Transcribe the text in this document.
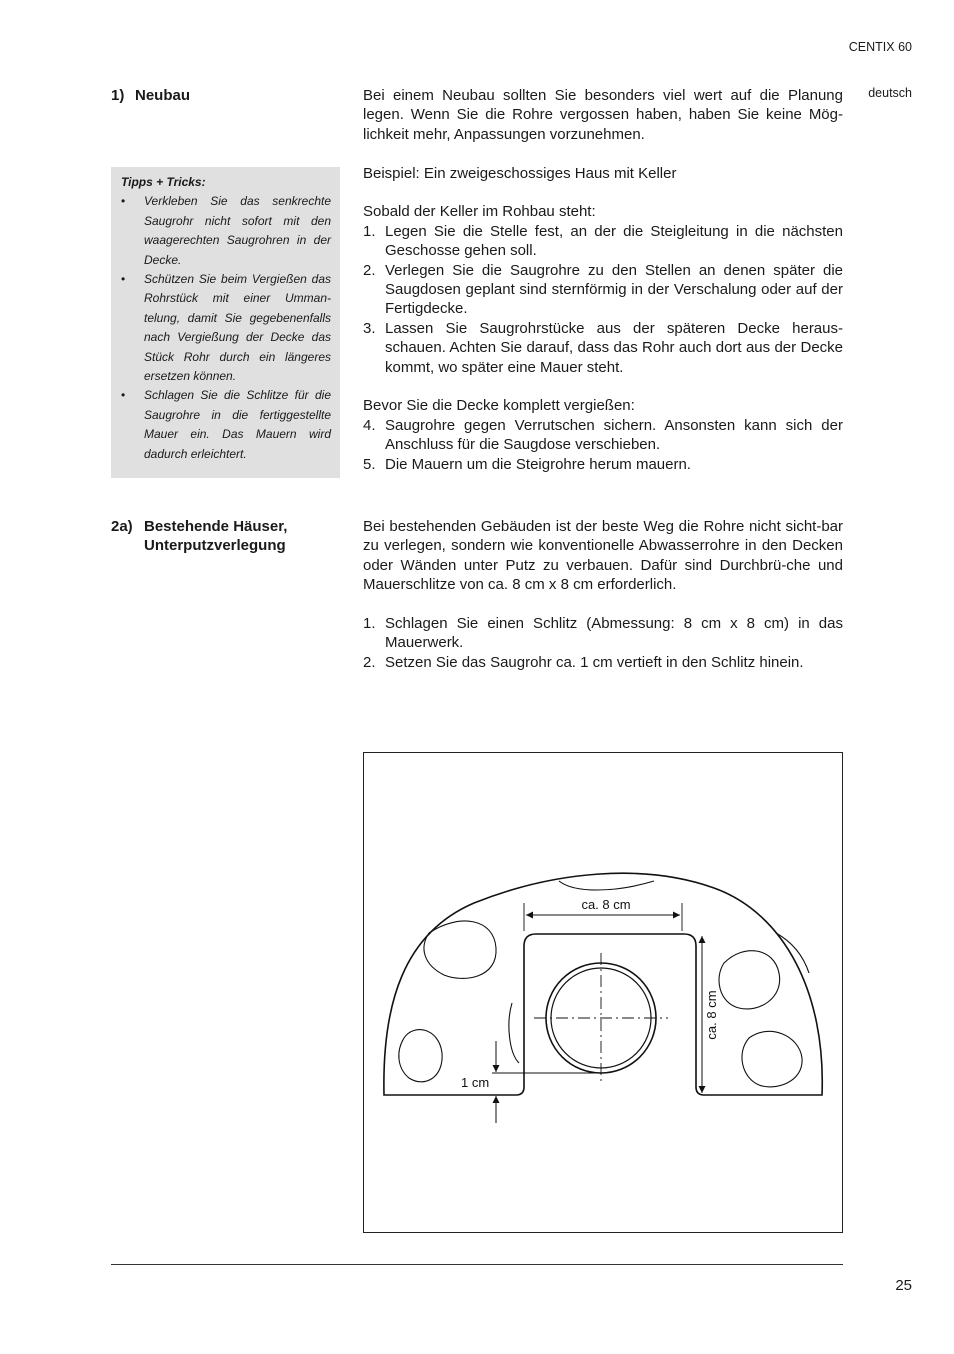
CENTIX 60
deutsch
1) Neubau	Bei einem Neubau sollten Sie besonders viel wert auf die Planung legen. Wenn Sie die Rohre vergossen haben, haben Sie keine Mög-lichkeit mehr, Anpassungen vorzunehmen.

Beispiel: Ein zweigeschossiges Haus mit Keller

Sobald der Keller im Rohbau steht:
1. Legen Sie die Stelle fest, an der die Steigleitung in die nächsten Geschosse gehen soll.
2. Verlegen Sie die Saugrohre zu den Stellen an denen später die Saugdosen geplant sind sternförmig in der Verschalung oder auf der Fertigdecke.
3. Lassen Sie Saugrohrstücke aus der späteren Decke heraus-schauen. Achten Sie darauf, dass das Rohr auch dort aus der Decke kommt, wo später eine Mauer steht.
Bevor Sie die Decke komplett vergießen:
4. Saugrohre gegen Verrutschen sichern. Ansonsten kann sich der Anschluss für die Saugdose verschieben.
5. Die Mauern um die Steigrohre herum mauern.
Tipps + Tricks:
• Verkleben Sie das senkrechte Saugrohr nicht sofort mit den waagerechten Saugrohren in der Decke.
• Schützen Sie beim Vergießen das Rohrstück mit einer Umman-telung, damit Sie gegebenenfalls nach Vergießung der Decke das Stück Rohr durch ein längeres ersetzen können.
• Schlagen Sie die Schlitze für die Saugrohre in die fertiggestellte Mauer ein. Das Mauern wird dadurch erleichtert.
2a) Bestehende Häuser,
Unterputzverlegung

Bei bestehenden Gebäuden ist der beste Weg die Rohre nicht sicht-bar zu verlegen, sondern wie konventionelle Abwasserrohre in den Decken oder Wänden unter Putz zu verbauen. Dafür sind Durchbrü-che und Mauerschlitze von ca. 8 cm x 8 cm erforderlich.

1. Schlagen Sie einen Schlitz (Abmessung: 8 cm x 8 cm) in das Mauerwerk.
2. Setzen Sie das Saugrohr ca. 1 cm vertieft in den Schlitz hinein.
ca. 8 cm
ca. 8 cm
1 cm
25
